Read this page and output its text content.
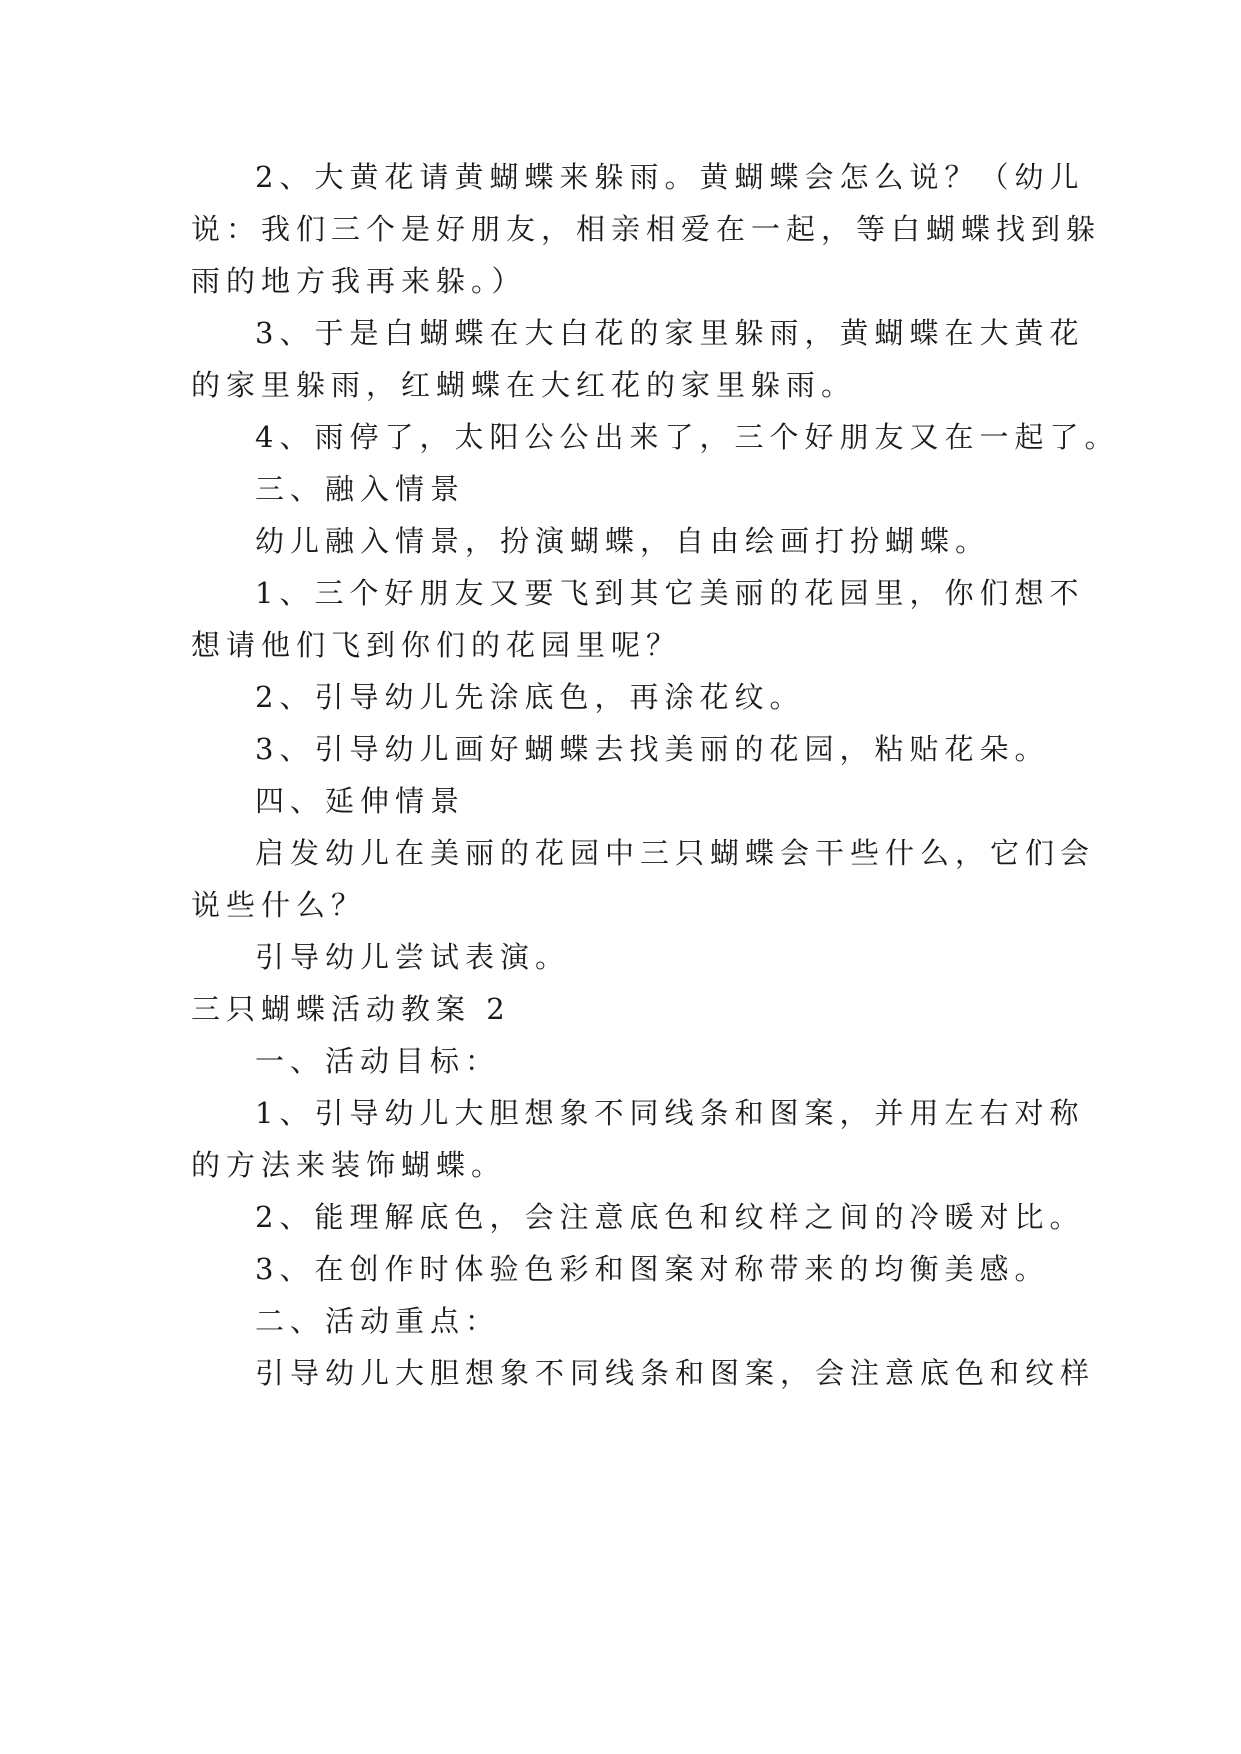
2、大黄花请黄蝴蝶来躲雨。黄蝴蝶会怎么说？（幼儿
说：我们三个是好朋友，相亲相爱在一起，等白蝴蝶找到躲
雨的地方我再来躲。）
3、于是白蝴蝶在大白花的家里躲雨，黄蝴蝶在大黄花
的家里躲雨，红蝴蝶在大红花的家里躲雨。
4、雨停了，太阳公公出来了，三个好朋友又在一起了。
三、融入情景
幼儿融入情景，扮演蝴蝶，自由绘画打扮蝴蝶。
1、三个好朋友又要飞到其它美丽的花园里，你们想不
想请他们飞到你们的花园里呢？
2、引导幼儿先涂底色，再涂花纹。
3、引导幼儿画好蝴蝶去找美丽的花园，粘贴花朵。
四、延伸情景
启发幼儿在美丽的花园中三只蝴蝶会干些什么，它们会
说些什么？
引导幼儿尝试表演。
三只蝴蝶活动教案 2
一、活动目标：
1、引导幼儿大胆想象不同线条和图案，并用左右对称
的方法来装饰蝴蝶。
2、能理解底色，会注意底色和纹样之间的冷暖对比。
3、在创作时体验色彩和图案对称带来的均衡美感。
二、活动重点：
引导幼儿大胆想象不同线条和图案，会注意底色和纹样
